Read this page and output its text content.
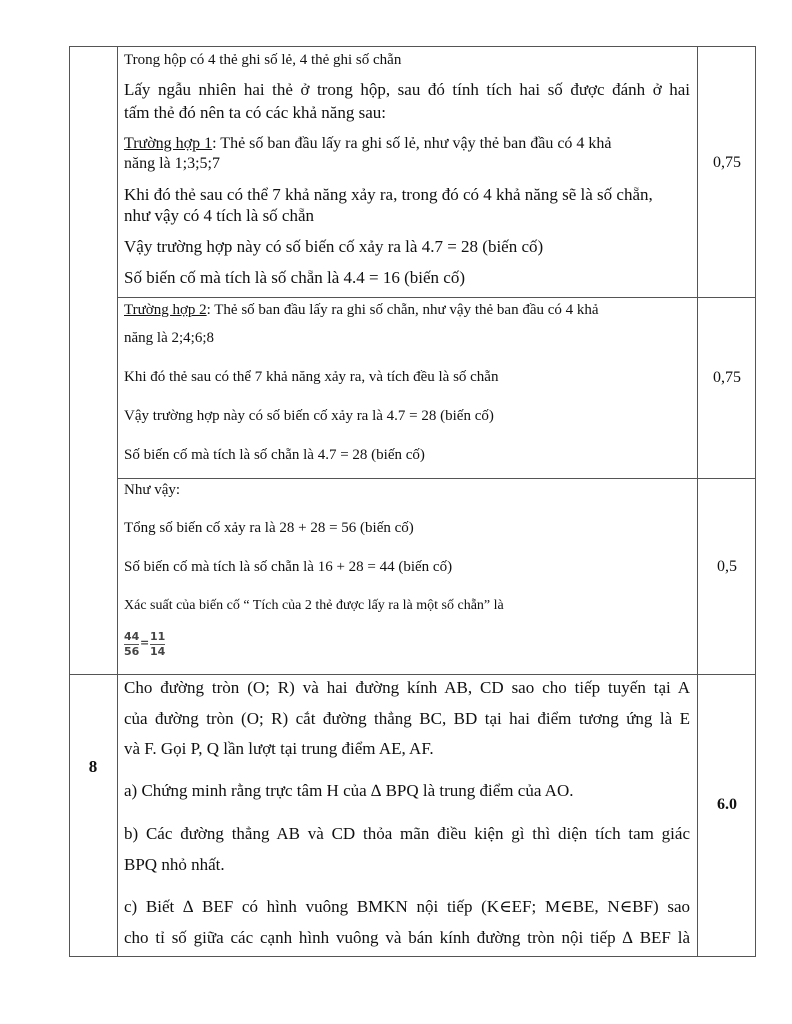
Trong hộp có 4 thẻ ghi số lẻ, 4 thẻ ghi số chẵn
Lấy ngẫu nhiên hai thẻ ở trong hộp, sau đó tính tích hai số được đánh ở hai
tấm thẻ đó nên ta có các khả năng sau:
Trường hợp 1: Thẻ số ban đầu lấy ra ghi số lẻ, như vậy thẻ ban đầu có 4 khả
năng là 1;3;5;7
Khi đó thẻ sau có thể 7 khả năng xảy ra, trong đó có 4 khả năng sẽ là số chẵn,
như vậy có 4 tích là số chẵn
Vậy trường hợp này có số biến cố xảy ra là 4.7 = 28 (biến cố)
Số biến cố mà tích là số chẵn là 4.4 = 16 (biến cố)
0,75
Trường hợp 2: Thẻ số ban đầu lấy ra ghi số chẵn, như vậy thẻ ban đầu có 4 khả
năng là 2;4;6;8
Khi đó thẻ sau có thể 7 khả năng xảy ra, và tích đều là số chẵn
Vậy trường hợp này có số biến cố xảy ra là 4.7 = 28 (biến cố)
Số biến cố mà tích là số chẵn là 4.7 = 28 (biến cố)
0,75
Như vậy:
Tổng số biến cố xảy ra là 28 + 28 = 56 (biến cố)
Số biến cố mà tích là số chẵn là 16 + 28 = 44 (biến cố)
Xác suất của biến cố “ Tích của 2 thẻ được lấy ra là một số chẵn” là
44
56
= 11
14
0,5
8
Cho đường tròn (O; R) và hai đường kính AB, CD sao cho tiếp tuyến tại A
của đường tròn (O; R) cắt đường thẳng BC, BD tại hai điểm tương ứng là E
và F. Gọi P, Q lần lượt tại trung điểm AE, AF.
a) Chứng minh rằng trực tâm H của ∆ BPQ là trung điểm của AO.
b) Các đường thẳng AB và CD thỏa mãn điều kiện gì thì diện tích tam giác
BPQ nhỏ nhất.
c) Biết ∆ BEF có hình vuông BMKN nội tiếp (K∈EF; M∈BE, N∈BF) sao
cho tỉ số giữa các cạnh hình vuông và bán kính đường tròn nội tiếp ∆ BEF là
6.0
